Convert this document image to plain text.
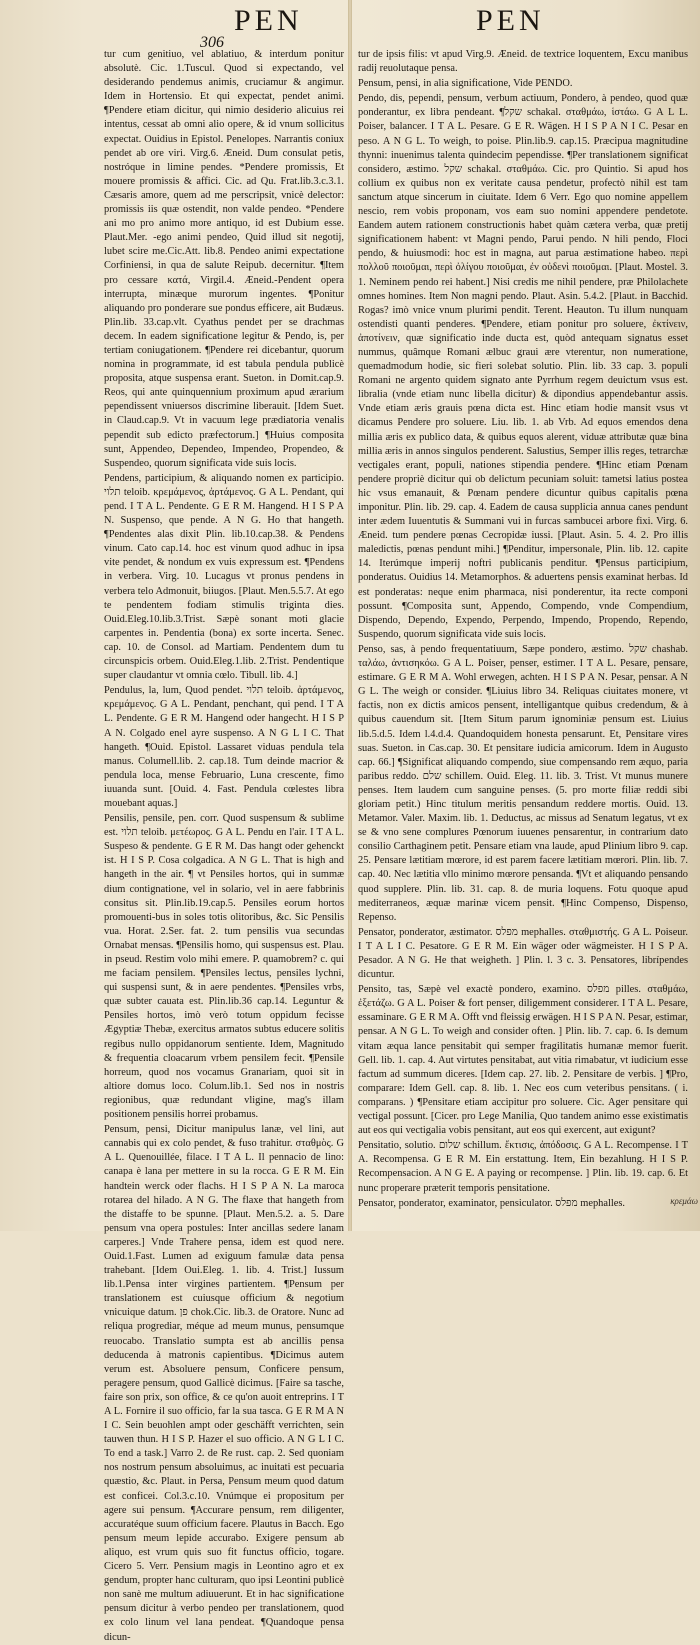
306
PEN	PEN

tur cum genitiuo, vel ablatiuo, & interdum ponitur absolutè. Cic. 1.Tuscul. Quod si expectando, vel desiderando pendemus animis, cruciamur & angimur. Idem in Hortensio. Et qui expectat, pendet animi. ¶Pendere etiam dicitur, qui nimio desiderio alicuius rei intentus, cessat ab omni alio opere, & id vnum sollicitus expectat. Ouidius in Epistol. Penelopes. Narrantis coniux pendet ab ore viri. Virg.6. Æneid. Dum consulat petis, nostróque in limine pendes. *Pendere promissis, Et mouere promissis & affici. Cic. ad Qu. Frat.lib.3.c.3.1. Cæsaris amore, quem ad me perscripsit, vnicè delector: promissis iis quæ ostendit, non valde pendeo. *Pendere ani mo pro animo more antiquo, id est Dubium esse. Plaut.Mer. -ego animi pendeo, Quid illud sit negotij, lubet scire me.Cic.Att. lib.8. Pendeo animi expectatione Corfiniensi, in qua de salute Reipub. decernitur. ¶Item pro cessare κατά, Virgil.4. Æneid.-Pendent opera interrupta, minæque murorum ingentes. ¶Ponitur aliquando pro ponderare sue pondus efficere, ait Budæus. Plin.lib. 33.cap.vlt. Cyathus pendet per se drachmas decem. In eadem significatione legitur & Pendo, is, per tertiam coniugationem. ¶Pendere rei dicebantur, quorum nomina in programmate, id est tabula pendula publicè proposita, atque suspensa erant. Sueton. in Domit.cap.9. Reos, qui ante quinquennium proximum apud ærarium pependissent vniuersos discrimine liberauit. [Idem Suet. in Claud.cap.9. Vt in vacuum lege prædiatoria venalis pependit sub edicto præfectorum.] ¶Huius composita sunt, Appendeo, Dependeo, Impendeo, Propendeo, & Suspendeo, quorum significata vide suis locis.

Pendens, participium, & aliquando nomen ex participio. תלוי teloib. κρεμάμενος, ἀρτάμενος. G A L. Pendant, qui pend. I T A L. Pendente. G E R M. Hangend. H I S P A N. Suspenso, que pende. A N G. Ho that hangeth. ¶Pendentes alas dixit Plin. lib.10.cap.38. & Pendens vinum. Cato cap.14. hoc est vinum quod adhuc in ipsa vite pendet, & nondum ex vuis expressum est. ¶Pendens in verbera. Virg. 10. Lucagus vt pronus pendens in verbera telo Admonuit, biiugos. [Plaut. Men.5.5.7. At ego te pendentem fodiam stimulis triginta dies. Ouid.Eleg.10.lib.3.Trist. Sæpè sonant moti glacie carpentes in. Pendentia (bona) ex sorte incerta. Senec. cap. 10. de Consol. ad Martiam. Pendentem dum tu circunspicis orbem. Ouid.Eleg.1.lib. 2.Trist. Pendentique super claudantur vt omnia cœlo. Tibull. lib. 4.]

Pendulus, la, lum, Quod pendet. תלוי teloib. ἀρτάμενος, κρεμάμενος. G A L. Pendant, penchant, qui pend. I T A L. Pendente. G E R M. Hangend oder hangecht. H I S P A N. Colgado enel ayre suspenso. A N G L I C. That hangeth. ¶Ouid. Epistol. Lassaret viduas pendula tela manus. Columell.lib. 2. cap.18. Tum deinde macrior & pendula loca, mense Februario, Luna crescente, fimo iuuanda sunt. [Ouid. 4. Fast. Pendula cœlestes libra mouebant aquas.]

Pensilis, pensile, pen. corr. Quod suspensum & sublime est. תלוי teloib. μετέωρος. G A L. Pendu en l'air. I T A L. Suspeso & pendente. G E R M. Das hangt oder gehenckt ist. H I S P. Cosa colgadica. A N G L. That is high and hangeth in the air. ¶ vt Pensiles hortos, qui in summæ dium contignatione, vel in solario, vel in aere fabbrinis consitus sit. Plin.lib.19.cap.5. Pensiles eorum hortos promouenti-bus in soles totis olitoribus, &c. Sic Pensilis vua. Horat. 2.Ser. fat. 2. tum pensilis vua secundas Ornabat mensas. ¶Pensilis homo, qui suspensus est. Plau. in pseud. Restim volo mihi emere. P. quamobrem? c. qui me faciam pensilem. ¶Pensiles lectus, pensiles lychni, qui suspensi sunt, & in aere pendentes. ¶Pensiles vrbs, quæ subter cauata est. Plin.lib.36 cap.14. Leguntur & Pensiles hortos, imò verò totum oppidum fecisse Ægyptiæ Thebæ, exercitus armatos subtus educere solitis regibus nullo oppidanorum sentiente. Idem, Magnitudo & frequentia cloacarum vrbem pensilem fecit. ¶Pensile horreum, quod nos vocamus Granariam, quoi sit in altiore domus loco. Colum.lib.1. Sed nos in nostris regionibus, quæ redundant vligine, mag's illam positionem pensilis horrei probamus.

Pensum, pensi, Dicitur manipulus lanæ, vel lini, aut cannabis qui ex colo pendet, & fuso trahitur. σταθμὸς. G A L. Quenouillée, filace. I T A L. Il pennacio de lino: canapa è lana per mettere in su la rocca. G E R M. Ein handtein werck oder flachs. H I S P A N. La maroca rotarea del hilado. A N G. The flaxe that hangeth from the distaffe to be spunne. [Plaut. Men.5.2. a. 5. Dare pensum vna opera postules: Inter ancillas sedere lanam carperes.] Vnde Trahere pensa, idem est quod nere. Ouid.1.Fast. Lumen ad exiguum famulæ data pensa trahebant. [Idem Oui.Eleg. 1. lib. 4. Trist.] Iussum lib.1.Pensa inter virgines partientem. ¶Pensum per translationem est cuiusque officium & negotium vnicuique datum. פן chok.Cic. lib.3. de Oratore. Nunc ad reliqua progrediar, méque ad meum munus, pensumque reuocabo. Translatio sumpta est ab ancillis pensa deducenda à matronis capientibus. ¶Dicimus autem verum est. Absoluere pensum, Conficere pensum, peragere pensum, quod Gallicè dicimus. [Faire sa tasche, faire son prix, son office, & ce qu'on auoit entreprins. I T A L. Fornire il suo officio, far la sua tasca. G E R M A N I C. Sein beuohlen ampt oder geschäfft verrichten, sein tauwen thun. H I S P. Hazer el suo officio. A N G L I C. To end a task.] Varro 2. de Re rust. cap. 2. Sed quoniam nos nostrum pensum absoluimus, ac inuitati est pecuaria quæstio, &c. Plaut. in Persa, Pensum meum quod datum est conficei. Col.3.c.10. Vnúmque ei propositum per agere sui pensum. ¶Accurare pensum, rem diligenter, accuratéque suum officium facere. Plautus in Bacch. Ego pensum meum lepide accurabo. Exigere pensum ab aliquo, est vrum quis suo fit functus officio, togare. Cicero 5. Verr. Pensium magis in Leontino agro et ex gendum, propter hanc culturam, quo ipsi Leontini publicè non sanè me multum adiuuerunt. Et in hac significatione pensum dicitur à verbo pendeo per translationem, quod ex colo linum vel lana pendeat. ¶Quandoque pensa dicun-

tur de ipsis filis: vt apud Virg.9. Æneid. de textrice loquentem, Excu manibus radij reuolutaque pensa.

Pensum, pensi, in alia significatione, Vide PENDO.

Pendo, dis, pependi, pensum, verbum actiuum, Pondero, à pendeo, quod quæ ponderantur, ex libra pendeant. ¶שקל schakal. σταθμάω, ἱστάω. G A L L. Poiser, balancer. I T A L. Pesare. G E R. Wägen. H I S P A N I C. Pesar en peso. A N G L. To weigh, to poise. Plin.lib.9. cap.15. Præcipua magnitudine thynni: inuenimus talenta quindecim pependisse. ¶Per translationem significat considero, æstimo. שקל schakal. σταθμάω. Cic. pro Quintio. Si apud hos collium ex quibus non ex veritate causa pendetur, profectò nihil est tam sanctum atque sincerum in ciuitate. Idem 6 Verr. Ego quo nomine appellem nescio, rem vobis proponam, vos eam suo nomini appendere pendetote. Eandem autem rationem constructionis habet quàm cætera verba, quæ pretij significationem habent: vt Magni pendo, Parui pendo. N hili pendo, Floci pendo, & huiusmodi: hoc est in magna, aut parua æstimatione habeo. περὶ πολλοῦ ποιοῦμαι, περὶ ὀλίγου ποιοῦμαι, ἐν οὐδενὶ ποιοῦμαι. [Plaut. Mostel. 3. 1. Neminem pendo rei habent.] Nisi credis me nihil pendere, præ Philolachete omnes homines. Item Non magni pendo. Plaut. Asin. 5.4.2. [Plaut. in Bacchid. Rogas? imò vnice vnum plurimi pendit. Terent. Heauton. Tu illum nunquam ostendisti quanti penderes. ¶Pendere, etiam ponitur pro soluere, ἐκτίνειν, ἀποτίνειν, quæ significatio inde ducta est, quòd antequam signatus esset nummus, quâmque Romani ælbuc graui ære vterentur, non numeratione, quemadmodum hodie, sic fieri solebat solutio. Plin. lib. 33 cap. 3. populi Romani ne argento quidem signato ante Pyrrhum regem deuictum vsus est. libralia (vnde etiam nunc libella dicitur) & dipondius appendebantur assis. Vnde etiam æris grauis pœna dicta est. Hinc etiam hodie mansit vsus vt dicamus Pendere pro soluere. Liu. lib. 1. ab Vrb. Ad equos emendos dena millia æris ex publico data, & quibus equos alerent, viduæ attributæ quæ bina millia æris in annos singulos penderent. Salustius, Semper illis reges, tetrarchæ vectigales erant, populi, nationes stipendia pendere. ¶Hinc etiam Pœnam pendere propriè dicitur qui ob delictum pecuniam soluit: tametsi latius postea hic vsus emanauit, & Pœnam pendere dicuntur quibus capitalis pœna imponitur. Plin. lib. 29. cap. 4. Eadem de causa supplicia annua canes pendunt inter ædem Iuuentutis & Summani vui in furcas sambucei arbore fixi. Virg. 6. Æneid. tum pendere pœnas Cecropidæ iussi. [Plaut. Asin. 5. 4. 2. Pro illis maledictis, pœnas pendunt mihi.] ¶Penditur, impersonale, Plin. lib. 12. capite 14. Iterúmque imperij noftri publicanis penditur. ¶Pensus participium, ponderatus. Ouidius 14. Metamorphos. & aduertens pensis examinat herbas. Id est ponderatas: neque enim pharmaca, nisi ponderentur, ita recte componi possunt. ¶Composita sunt, Appendo, Compendo, vnde Compendium, Dispendo, Dependo, Expendo, Perpendo, Impendo, Propendo, Rependo, Suspendo, quorum significata vide suis locis.

Penso, sas, à pendo frequentatiuum, Sæpe pondero, æstimo. שקל chashab. ταλάω, ἀντισηκόω. G A L. Poiser, penser, estimer. I T A L. Pesare, pensare, estimare. G E R M A. Wohl erwegen, achten. H I S P A N. Pesar, pensar. A N G L. The weigh or consider. ¶Liuius libro 34. Reliquas ciuitates monere, vt factis, non ex dictis amicos pensent, intelligantque quibus credendum, & à quibus cauendum sit. [Item Situm parum ignominiæ pensum est. Liuius lib.5.d.5. Idem l.4.d.4. Quandoquidem honesta pensarunt. Et, Pensitare vires suas. Sueton. in Cas.cap. 30. Et pensitare iudicia amicorum. Idem in Augusto cap. 66.] ¶Significat aliquando compendo, siue compensando rem æquo, paria paribus reddo. שלם schillem. Ouid. Eleg. 11. lib. 3. Trist. Vt munus munere penses. Item laudem cum sanguine penses. (5. pro morte filiæ reddi sibi gloriam petit.) Hinc titulum meritis pensandum reddere mortis. Ouid. 13. Metamor. Valer. Maxim. lib. 1. Deductus, ac missus ad Senatum legatus, vt ex se & vno sene complures Pœnorum iuuenes pensarentur, in contrarium dato consilio Carthaginem petit. Pensare etiam vna laude, apud Plinium libro 9. cap. 25. Pensare lætitiam mœrore, id est parem facere lætitiam mœrori. Plin. lib. 7. cap. 40. Nec lætitia vllo minimo mœrore pensanda. ¶Vt et aliquando pensando quod supplere. Plin. lib. 31. cap. 8. de muria loquens. Fotu quoque apud mediterraneos, æquæ marinæ vicem pensit. ¶Hinc Compenso, Dispenso, Repenso.

Pensator, ponderator, æstimator. מפלס mephalles. σταθμιστής. G A L. Poiseur. I T A L I C. Pesatore. G E R M. Ein wäger oder wägmeister. H I S P A. Pesador. A N G. He that weigheth. ] Plin. l. 3 c. 3. Pensatores, librípendes dicuntur.

Pensito, tas, Sæpè vel exactè pondero, examino. מפלס pilles. σταθμάω, ἐξετάζω. G A L. Poiser & fort penser, diligemment considerer. I T A L. Pesare, essaminare. G E R M A. Offt vnd fleissig erwägen. H I S P A N. Pesar, estimar, pensar. A N G L. To weigh and consider often. ] Plin. lib. 7. cap. 6. Is demum vitam æqua lance pensitabit qui semper fragilitatis humanæ memor fuerit. Gell. lib. 1. cap. 4. Aut virtutes pensitabat, aut vitia rimabatur, vt iudicium esse factum ad summum diceres. [Idem cap. 27. lib. 2. Pensitare de verbis. ] ¶Pro, comparare: Idem Gell. cap. 8. lib. 1. Nec eos cum veteribus pensitans. ( i. comparans. ) ¶Pensitare etiam accipitur pro soluere. Cic. Ager pensitare qui vectigal possunt. [Cicer. pro Lege Manilia, Quo tandem animo esse existimatis aut eos qui vectigalia vobis pensitant, aut eos qui exercent, aut exigunt?

Pensitatio, solutio. שלום schillum. ἔκτισις, ἀπόδοσις. G A L. Recompense. I T A. Recompensa. G E R M. Ein erstattung. Item, Ein bezahlung. H I S P. Recompensacion. A N G E. A paying or recompense. ] Plin. lib. 19. cap. 6. Et nunc properare præterit temporis pensitatione.

Pensator, ponderator, examinator, pensiculator. מפלס mephalles.	κρεμάω
